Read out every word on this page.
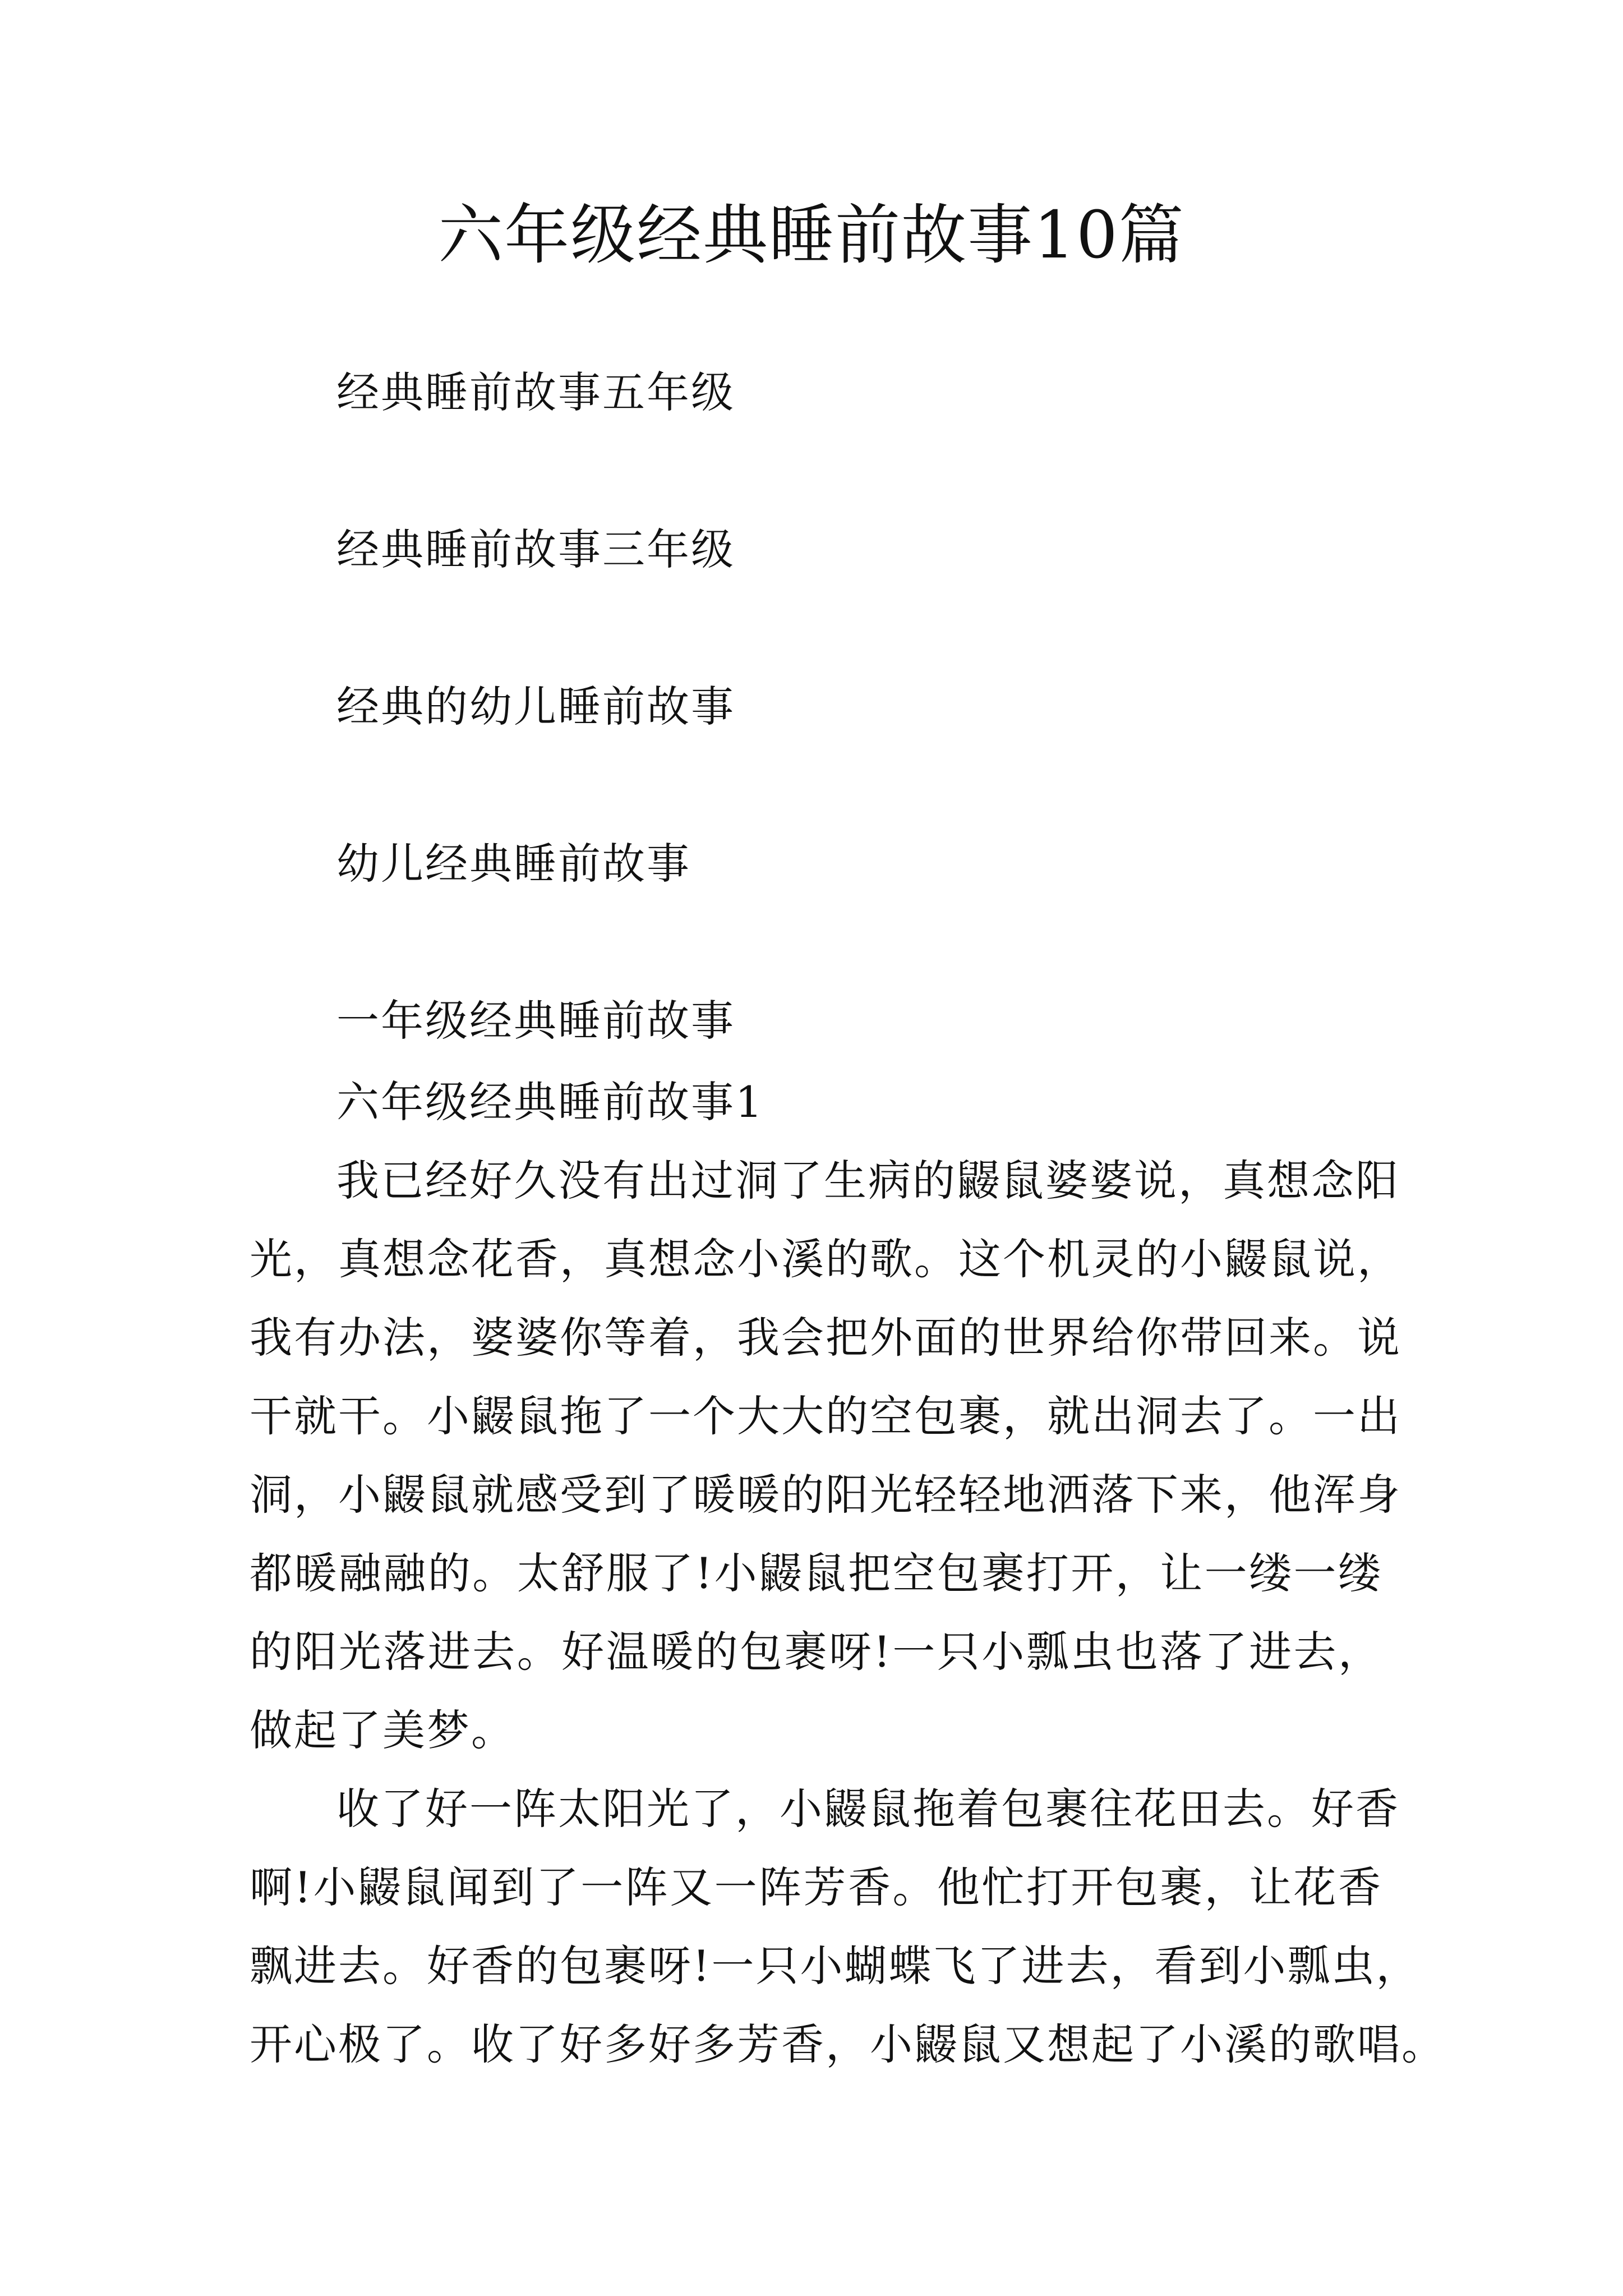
六年级经典睡前故事10篇
经典睡前故事五年级
经典睡前故事三年级
经典的幼儿睡前故事
幼儿经典睡前故事
一年级经典睡前故事
六年级经典睡前故事1
我已经好久没有出过洞了生病的鼹鼠婆婆说，真想念阳
光，真想念花香，真想念小溪的歌。这个机灵的小鼹鼠说，
我有办法，婆婆你等着，我会把外面的世界给你带回来。说
干就干。小鼹鼠拖了一个大大的空包裹，就出洞去了。一出
洞，小鼹鼠就感受到了暖暖的阳光轻轻地洒落下来，他浑身
都暖融融的。太舒服了!小鼹鼠把空包裹打开，让一缕一缕
的阳光落进去。好温暖的包裹呀!一只小瓢虫也落了进去，
做起了美梦。
收了好一阵太阳光了，小鼹鼠拖着包裹往花田去。好香
啊!小鼹鼠闻到了一阵又一阵芳香。他忙打开包裹，让花香
飘进去。好香的包裹呀!一只小蝴蝶飞了进去，看到小瓢虫，
开心极了。收了好多好多芳香，小鼹鼠又想起了小溪的歌唱。
